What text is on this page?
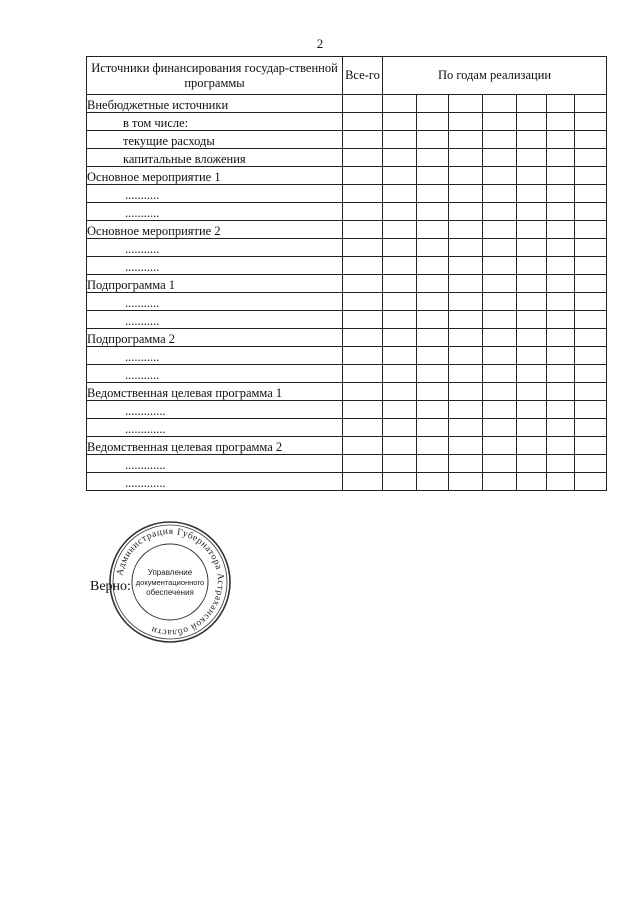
2
Источники финансирования государ-ственной программы	Все-го	По годам реализации						
Внебюджетные источники								
в том числе:								
текущие расходы								
капитальные вложения								
Основное мероприятие 1								
...........								
...........								
Основное мероприятие 2								
...........								
...........								
Подпрограмма 1								
...........								
...........								
Подпрограмма 2								
...........								
...........								
Ведомственная целевая программа 1								
.............								
.............								
Ведомственная целевая программа 2								
.............								
.............								
Администрация Губернатора Астраханской области
Управление
документационного
обеспечения
Верно:
